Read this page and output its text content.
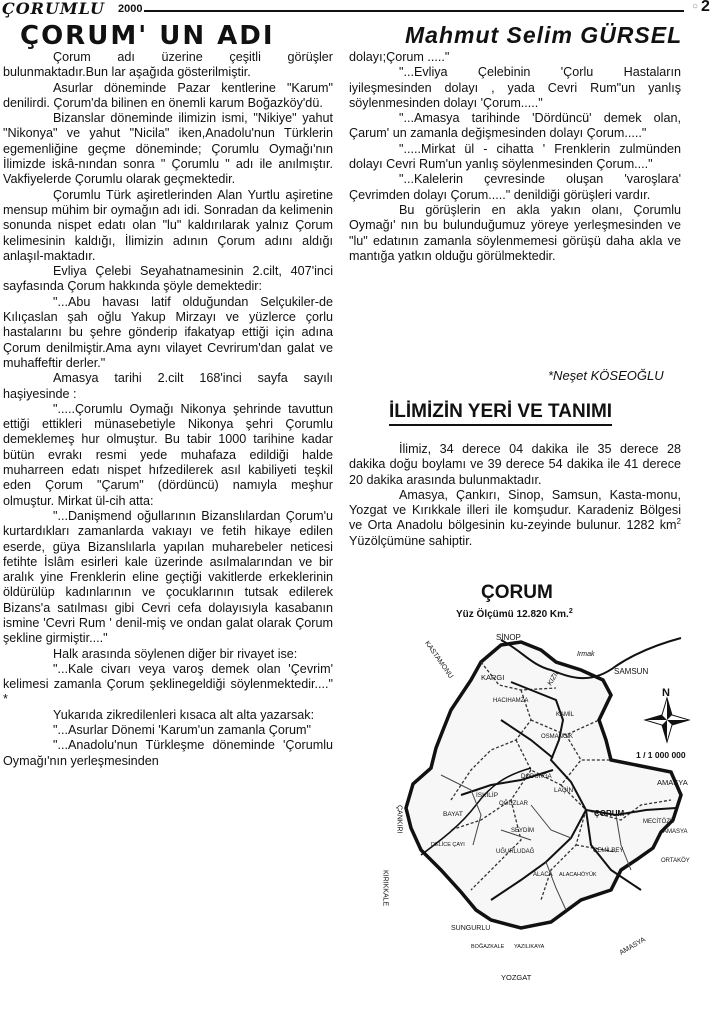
ÇORUMLU 2000	○ 2
ÇORUM' UN ADI	Mahmut Selim GÜRSEL

Çorum adı üzerine çeşitli görüşler bulunmaktadır.Bun lar aşağıda gösterilmiştir.

Asurlar döneminde Pazar kentlerine "Karum" denilirdi. Çorum'da bilinen en önemli karum Boğazköy'dü.

Bizanslar döneminde ilimizin ismi, "Nikiye" yahut "Nikonya" ve yahut "Nicila" iken,Anadolu'nun Türklerin egemenliğine geçme döneminde; Çorumlu Oymağı'nın İlimizde iskâ-nından sonra " Çorumlu " adı ile anılmıştır. Vakfiyelerde Çorumlu olarak geçmektedir.

Çorumlu Türk aşiretlerinden Alan Yurtlu aşiretine mensup mühim bir oymağın adı idi. Sonradan da kelimenin sonunda nispet edatı olan "lu" kaldırılarak yalnız Çorum kelimesinin kaldığı, İlimizin adının Çorum adını aldığı anlaşıl-maktadır.

Evliya Çelebi Seyahatnamesinin 2.cilt, 407'inci sayfasında Çorum hakkında şöyle demektedir:

"...Abu havası latif olduğundan Selçukiler-de Kılıçaslan şah oğlu Yakup Mirzayı ve yüzlerce çorlu hastalarını bu şehre gönderip ifakatyap ettiği için adına Çorum denilmiştir.Ama aynı vilayet Cevrirum'dan galat ve muhaffeftir derler."

Amasya tarihi 2.cilt 168'inci sayfa sayılı haşiyesinde :

".....Çorumlu Oymağı Nikonya şehrinde tavuttun ettiği ettikleri münasebetiyle Nikonya şehri Çorumlu demeklemeş hur olmuştur. Bu tabir 1000 tarihine kadar bütün evrakı resmi yede muhafaza edildiği halde muharreen edatı nispet hıfzedilerek asıl kabiliyeti teşkil eden Çorum "Çarum" (dördüncü) namıyla meşhur olmuştur. Mirkat ül-cih atta:

"...Danişmend oğullarının Bizanslılardan Çorum'u kurtardıkları zamanlarda vakıayı ve fetih hikaye edilen eserde, güya Bizanslılarla yapılan muharebeler neticesi fetihte İslâm esirleri kale üzerinde asılmalarından ve bir aralık yine Frenklerin eline geçtiği vakitlerde erkeklerinin öldürülüp kadınlarının ve çocuklarının tutsak edilerek Bizans'a satılması gibi Cevri cefa dolayısıyla kasabanın ismine 'Cevri Rum ' denil-miş ve ondan galat olarak Çorum şekline girmiştir...."

Halk arasında söylenen diğer bir rivayet ise:

"...Kale civarı veya varoş demek olan 'Çevrim' kelimesi zamanla Çorum şeklinegeldiği söylenmektedir...." *

Yukarıda zikredilenleri kısaca alt alta yazarsak:

"...Asurlar Dönemi 'Karum'un zamanla Çorum"

"...Anadolu'nun Türkleşme döneminde 'Çorumlu Oymağı'nın yerleşmesinden

dolayı;Çorum ....."

"...Evliya Çelebinin 'Çorlu Hastaların iyileşmesinden dolayı , yada Cevri Rum"un yanlış söylenmesinden dolayı 'Çorum....."

"...Amasya tarihinde 'Dördüncü' demek olan, Çarum' un zamanla değişmesinden dolayı Çorum....."

".....Mirkat ül - cihatta ' Frenklerin zulmünden dolayı Cevri Rum'un yanlış söylenmesinden Çorum...."

"...Kalelerin çevresinde oluşan 'varoşlara' Çevrimden dolayı Çorum....." denildiği görüşleri vardır.

Bu görüşlerin en akla yakın olanı, Çorumlu Oymağı' nın bu bulunduğumuz yöreye yerleşmesinden ve "lu" edatının zamanla söylenmemesi görüşü daha akla ve mantığa yatkın olduğu görülmektedir.

*Neşet KÖSEOĞLU
İLİMİZİN YERİ VE TANIMI

İlimiz, 34 derece 04 dakika ile 35 derece 28 dakika doğu boylamı ve 39 derece 54 dakika ile 41 derece 20 dakika arasında bulunmaktadır.

Amasya, Çankırı, Sinop, Samsun, Kasta-monu, Yozgat ve Kırıkkale illeri ile komşudur. Karadeniz Bölgesi ve Orta Anadolu bölgesinin ku-zeyinde bulunur. 1282 $km^2$ Yüzölçümüne sahiptir.

ÇORUM
Yüz Ölçümü 12.820 Km.$^2$
SİNOP
KASTAMONU	Irmak
KIZIL	SAMSUN
KARGI
HACIHAMZA
KAMİL
OSMANCIK
DODURGA
LAÇİN
İSKİLİP
OĞUZLAR
BAYAT
ÇANKIRI
AMASYA
ÇORUM
SEYDİM
MECİTÖZÜ
AMASYA
UĞURLUDAĞ
DELİCE ÇAYI
KIRIKKALE
CEMİLBEY
ORTAKÖY
ALACA ALACAHÖYÜK
SUNGURLU
BOĞAZKALE YAZILIKAYA
YOZGAT
AMASYA
N
1 / 1 000 000
